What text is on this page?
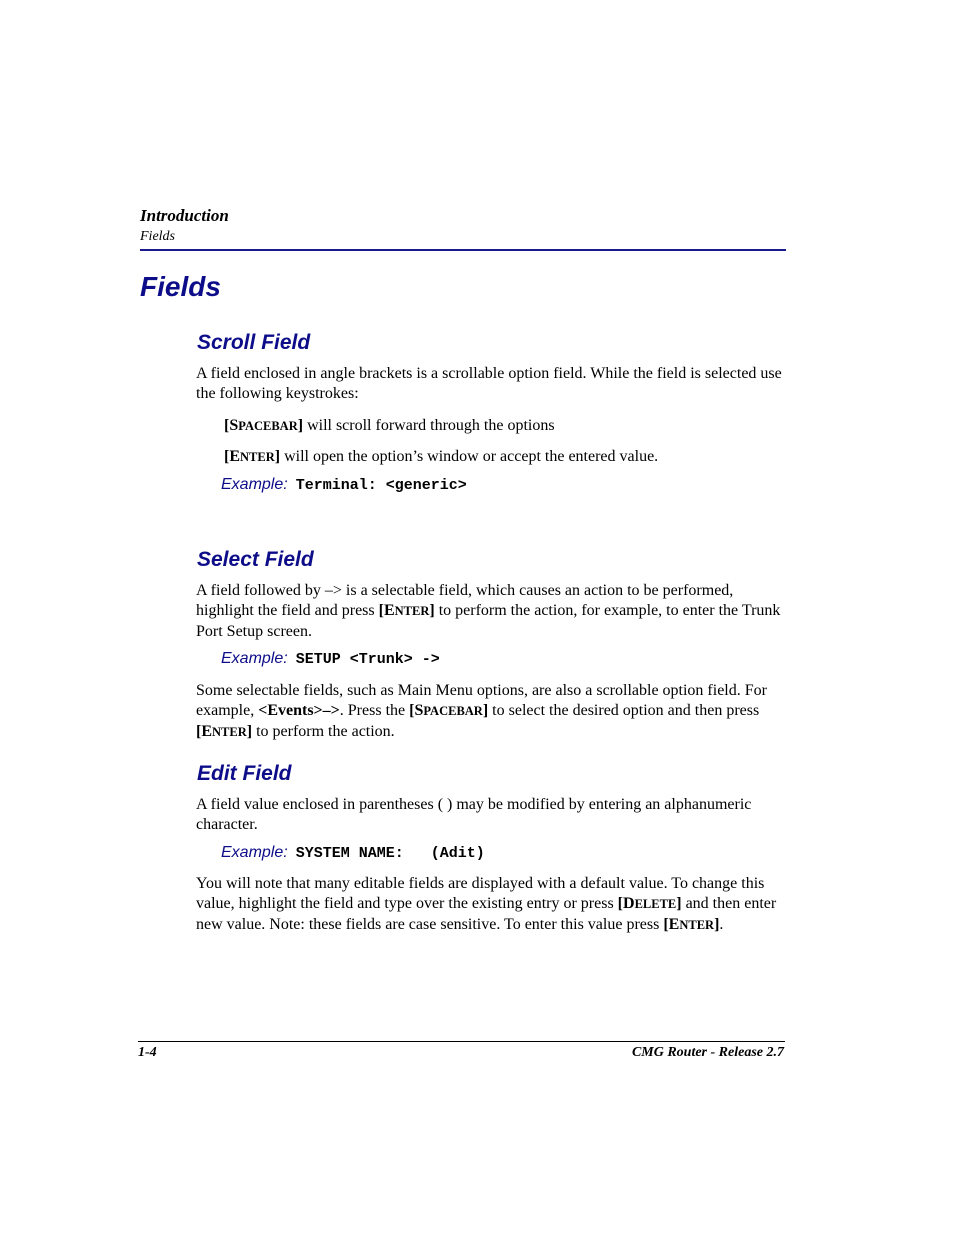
Introduction
Fields
Fields
Scroll Field

A field enclosed in angle brackets is a scrollable option field. While the field is selected use the following keystrokes:

[SPACEBAR] will scroll forward through the options

[ENTER] will open the option’s window or accept the entered value.

Example: Terminal: <generic>
Select Field

A field followed by –> is a selectable field, which causes an action to be performed, highlight the field and press [ENTER] to perform the action, for example, to enter the Trunk Port Setup screen.

Example: SETUP <Trunk> ->

Some selectable fields, such as Main Menu options, are also a scrollable option field. For example, <Events>–>. Press the [SPACEBAR] to select the desired option and then press [ENTER] to perform the action.

Edit Field

A field value enclosed in parentheses ( ) may be modified by entering an alphanumeric character.

Example: SYSTEM NAME:   (Adit)

You will note that many editable fields are displayed with a default value. To change this value, highlight the field and type over the existing entry or press [DELETE] and then enter new value. Note: these fields are case sensitive. To enter this value press [ENTER].

1-4	CMG Router - Release 2.7
